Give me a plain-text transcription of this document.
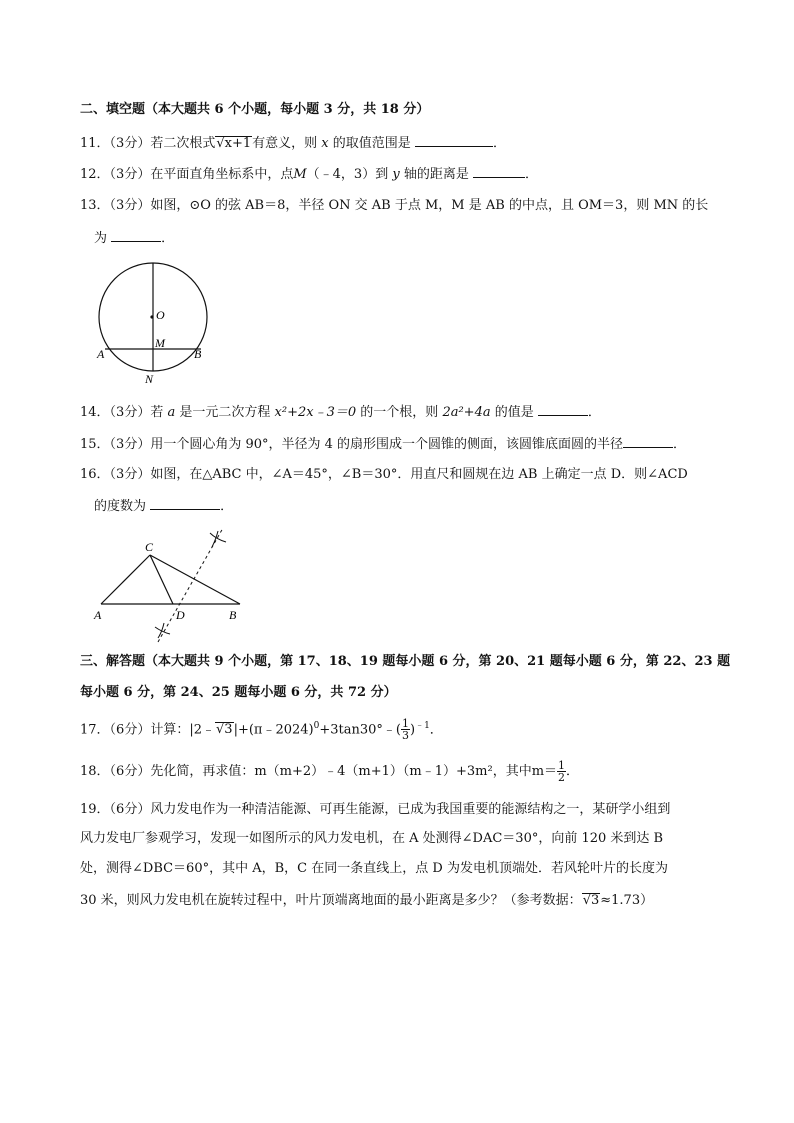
二、填空题（本大题共 6 个小题，每小题 3 分，共 18 分）
11．（3分）若二次根式√x+1有意义，则 x 的取值范围是	．
12．（3分）在平面直角坐标系中，点M（﹣4，3）到 y 轴的距离是	．
13．（3分）如图，⊙O 的弦 AB＝8，半径 ON 交 AB 于点 M，M 是 AB 的中点，且 OM＝3，则 MN 的长
为	．
O
M
A	B
N
14．（3分）若 a 是一元二次方程 x²+2x﹣3＝0 的一个根，则 2a²+4a 的值是	．
15．（3分）用一个圆心角为 90°，半径为 4 的扇形围成一个圆锥的侧面，该圆锥底面圆的半径	．
16．（3分）如图，在△ABC 中，∠A＝45°，∠B＝30°．用直尺和圆规在边 AB 上确定一点 D．则∠ACD
的度数为	．
C
A	D	B
三、解答题（本大题共 9 个小题，第 17、18、19 题每小题 6 分，第 20、21 题每小题 6 分，第 22、23 题
每小题 6 分，第 24、25 题每小题 6 分，共 72 分）
17．（6分）计算：|2﹣√3|+(π﹣2024)$^0$+3tan30°﹣( $\frac{1}{3} )^{﹣1}$．
18．（6分）先化简，再求值：m（m+2）﹣4（m+1）（m﹣1）+3m²，其中$m= \frac{1}{2}$ ．
19．（6分）风力发电作为一种清洁能源、可再生能源，已成为我国重要的能源结构之一，某研学小组到
风力发电厂参观学习，发现一如图所示的风力发电机，在 A 处测得∠DAC＝30°，向前 120 米到达 B
处，测得∠DBC＝60°，其中 A，B，C 在同一条直线上，点 D 为发电机顶端处．若风轮叶片的长度为
30 米，则风力发电机在旋转过程中，叶片顶端离地面的最小距离是多少？（参考数据：√3≈1.73）
